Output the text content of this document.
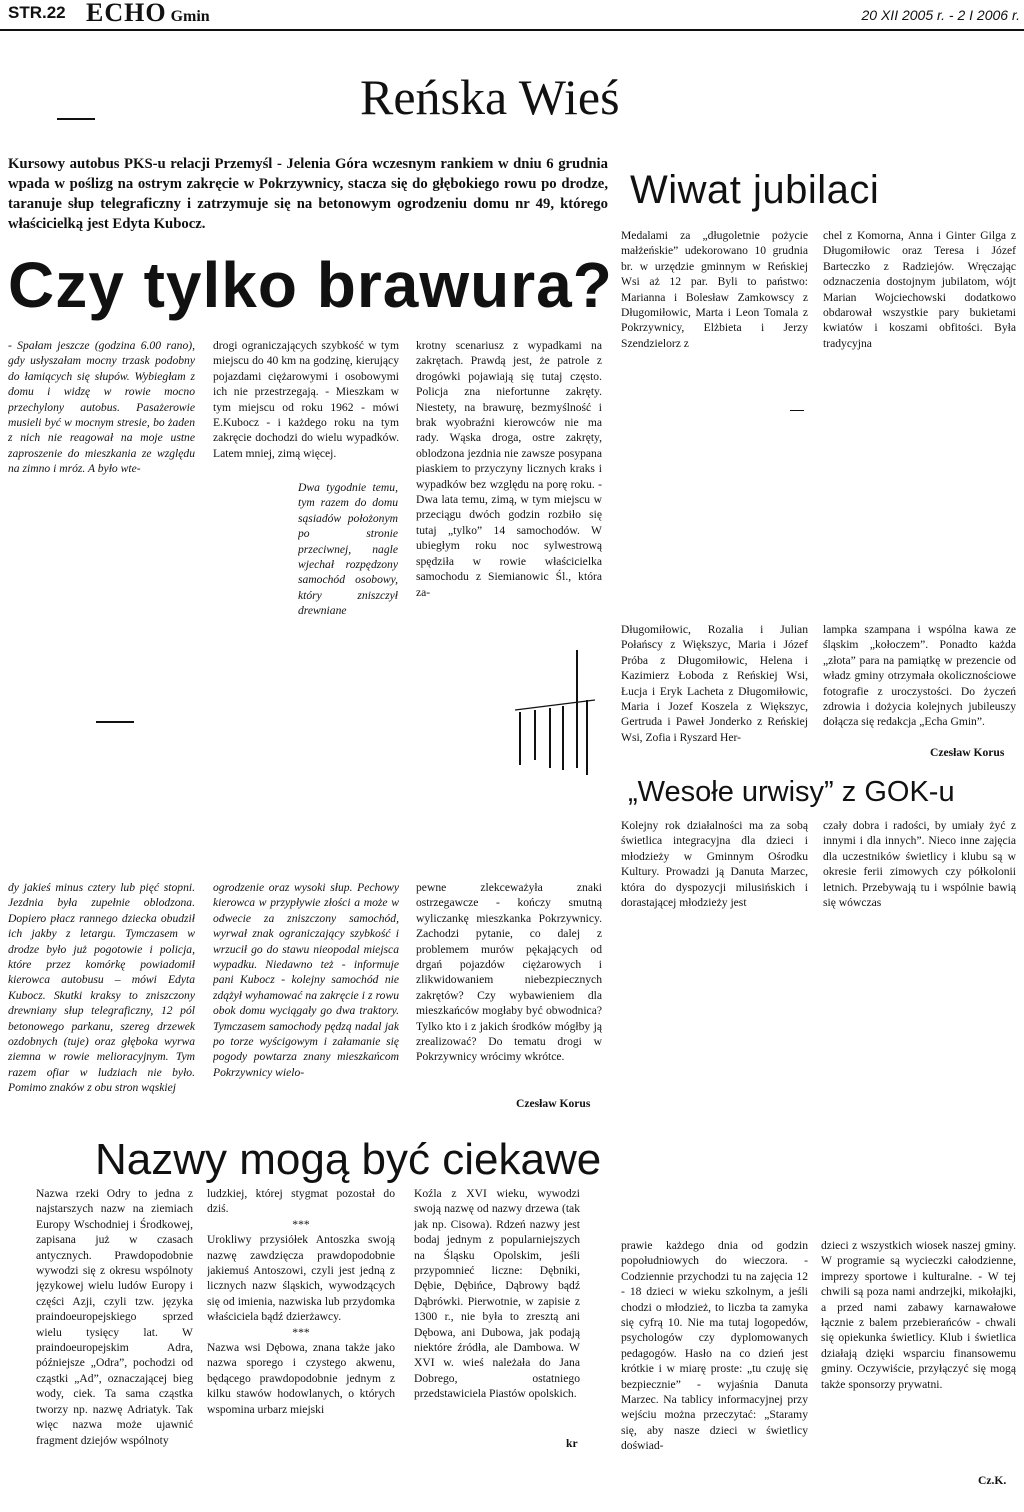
STR.22 ECHO Gmin	20 XII 2005 r. - 2 I 2006 r.
Reńska Wieś
Kursowy autobus PKS-u relacji Przemyśl - Jelenia Góra wczesnym rankiem w dniu 6 grudnia wpada w poślizg na ostrym zakręcie w Pokrzywnicy, stacza się do głębokiego rowu po drodze, taranuje słup telegraficzny i zatrzymuje się na betonowym ogrodzeniu domu nr 49, którego właścicielką jest Edyta Kubocz.
Czy tylko brawura?
- Spałam jeszcze (godzina 6.00 rano), gdy usłyszałam mocny trzask podobny do łamiących się słupów. Wybiegłam z domu i widzę w rowie mocno przechylony autobus. Pasażerowie musieli być w mocnym stresie, bo żaden z nich nie reagował na moje ustne zaproszenie do mieszkania ze względu na zimno i mróz. A było wte-
drogi ograniczających szybkość w tym miejscu do 40 km na godzinę, kierujący pojazdami ciężarowymi i osobowymi ich nie przestrzegają. - Mieszkam w tym miejscu od roku 1962 - mówi E.Kubocz - i każdego roku na tym zakręcie dochodzi do wielu wypadków. Latem mniej, zimą więcej.
Dwa tygodnie temu, tym razem do domu sąsiadów położonym po stronie przeciwnej, nagle wjechał rozpędzony samochód osobowy, który zniszczył drewniane
krotny scenariusz z wypadkami na zakrętach. Prawdą jest, że patrole z drogówki pojawiają się tutaj często. Policja zna niefortunne zakręty. Niestety, na brawurę, bezmyślność i brak wyobraźni kierowców nie ma rady. Wąska droga, ostre zakręty, oblodzona jezdnia nie zawsze posypana piaskiem to przyczyny licznych kraks i wypadków bez względu na porę roku. - Dwa lata temu, zimą, w tym miejscu w przeciągu dwóch godzin rozbiło się tutaj „tylko” 14 samochodów. W ubiegłym roku noc sylwestrową spędziła w rowie właścicielka samochodu z Siemianowic Śl., która za-
dy jakieś minus cztery lub pięć stopni. Jezdnia była zupełnie oblodzona. Dopiero płacz rannego dziecka obudził ich jakby z letargu. Tymczasem w drodze było już pogotowie i policja, które przez komórkę powiadomił kierowca autobusu – mówi Edyta Kubocz. Skutki kraksy to zniszczony drewniany słup telegraficzny, 12 pól betonowego parkanu, szereg drzewek ozdobnych (tuje) oraz głęboka wyrwa ziemna w rowie melioracyjnym. Tym razem ofiar w ludziach nie było. Pomimo znaków z obu stron wąskiej
ogrodzenie oraz wysoki słup. Pechowy kierowca w przypływie złości a może w odwecie za zniszczony samochód, wyrwał znak ograniczający szybkość i wrzucił go do stawu nieopodal miejsca wypadku. Niedawno też - informuje pani Kubocz - kolejny samochód nie zdążył wyhamować na zakręcie i z rowu obok domu wyciągały go dwa traktory. Tymczasem samochody pędzą nadal jak po torze wyścigowym i załamanie się pogody powtarza znany mieszkańcom Pokrzywnicy wielo-
pewne zlekceważyła znaki ostrzegawcze - kończy smutną wyliczankę mieszkanka Pokrzywnicy. Zachodzi pytanie, co dalej z problemem murów pękających od drgań pojazdów ciężarowych i zlikwidowaniem niebezpiecznych zakrętów? Czy wybawieniem dla mieszkańców mogłaby być obwodnica? Tylko kto i z jakich środków mógłby ją zrealizować? Do tematu drogi w Pokrzywnicy wrócimy wkrótce.
Czesław Korus
Wiwat jubilaci
Medalami za „długoletnie pożycie małżeńskie” udekorowano 10 grudnia br. w urzędzie gminnym w Reńskiej Wsi aż 12 par. Byli to państwo: Marianna i Bolesław Zamkowscy z Długomiłowic, Marta i Leon Tomala z Pokrzywnicy, Elżbieta i Jerzy Szendzielorz z
chel z Komorna, Anna i Ginter Gilga z Długomiłowic oraz Teresa i Józef Barteczko z Radziejów. Wręczając odznaczenia dostojnym jubilatom, wójt Marian Wojciechowski dodatkowo obdarował wszystkie pary bukietami kwiatów i koszami obfitości. Była tradycyjna
Długomiłowic, Rozalia i Julian Połańscy z Większyc, Maria i Józef Próba z Długomiłowic, Helena i Kazimierz Łoboda z Reńskiej Wsi, Łucja i Eryk Lacheta z Długomiłowic, Maria i Jozef Koszela z Większyc, Gertruda i Paweł Jonderko z Reńskiej Wsi, Zofia i Ryszard Her-
lampka szampana i wspólna kawa ze śląskim „kołoczem”. Ponadto każda „złota” para na pamiątkę w prezencie od władz gminy otrzymała okolicznościowe fotografie z uroczystości. Do życzeń zdrowia i dożycia kolejnych jubileuszy dołącza się redakcja „Echa Gmin”.
Czesław Korus
„Wesołe urwisy” z GOK-u
Kolejny rok działalności ma za sobą świetlica integracyjna dla dzieci i młodzieży w Gminnym Ośrodku Kultury. Prowadzi ją Danuta Marzec, która do dyspozycji milusińskich i dorastającej młodzieży jest
czały dobra i radości, by umiały żyć z innymi i dla innych”. Nieco inne zajęcia dla uczestników świetlicy i klubu są w okresie ferii zimowych czy półkolonii letnich. Przebywają tu i wspólnie bawią się wówczas
Nazwy mogą być ciekawe
Nazwa rzeki Odry to jedna z najstarszych nazw na ziemiach Europy Wschodniej i Środkowej, zapisana już w czasach antycznych. Prawdopodobnie wywodzi się z okresu wspólnoty językowej wielu ludów Europy i części Azji, czyli tzw. języka praindoeuropejskiego sprzed wielu tysięcy lat. W praindoeuropejskim Adra, późniejsze „Odra”, pochodzi od cząstki „Ad”, oznaczającej bieg wody, ciek. Ta sama cząstka tworzy np. nazwę Adriatyk. Tak więc nazwa może ujawnić fragment dziejów wspólnoty

ludzkiej, której stygmat pozostał do dziś.

***

Urokliwy przysiółek Antoszka swoją nazwę zawdzięcza prawdopodobnie jakiemuś Antoszowi, czyli jest jedną z licznych nazw śląskich, wywodzących się od imienia, nazwiska lub przydomka właściciela bądź dzierżawcy.

***

Nazwa wsi Dębowa, znana także jako nazwa sporego i czystego akwenu, będącego prawdopodobnie jednym z kilku stawów hodowlanych, o których wspomina urbarz miejski

Koźla z XVI wieku, wywodzi swoją nazwę od nazwy drzewa (tak jak np. Cisowa). Rdzeń nazwy jest bodaj jednym z popularniejszych na Śląsku Opolskim, jeśli przypomnieć liczne: Dębniki, Dębie, Dębińce, Dąbrowy bądź Dąbrówki. Pierwotnie, w zapisie z 1300 r., nie była to zresztą ani Dębowa, ani Dubowa, jak podają niektóre źródła, ale Dambowa. W XVI w. wieś należała do Jana Dobrego, ostatniego przedstawiciela Piastów opolskich.
kr
prawie każdego dnia od godzin popołudniowych do wieczora. - Codziennie przychodzi tu na zajęcia 12 - 18 dzieci w wieku szkolnym, a jeśli chodzi o młodzież, to liczba ta zamyka się cyfrą 10. Nie ma tutaj logopedów, psychologów czy dyplomowanych pedagogów. Hasło na co dzień jest krótkie i w miarę proste: „tu czuję się bezpiecznie” - wyjaśnia Danuta Marzec. Na tablicy informacyjnej przy wejściu można przeczytać: „Staramy się, aby nasze dzieci w świetlicy doświad-
dzieci z wszystkich wiosek naszej gminy. W programie są wycieczki całodzienne, imprezy sportowe i kulturalne. - W tej chwili są poza nami andrzejki, mikołajki, a przed nami zabawy karnawałowe łącznie z balem przebierańców - chwali się opiekunka świetlicy. Klub i świetlica działają dzięki wsparciu finansowemu gminy. Oczywiście, przyłączyć się mogą także sponsorzy prywatni.
Cz.K.
